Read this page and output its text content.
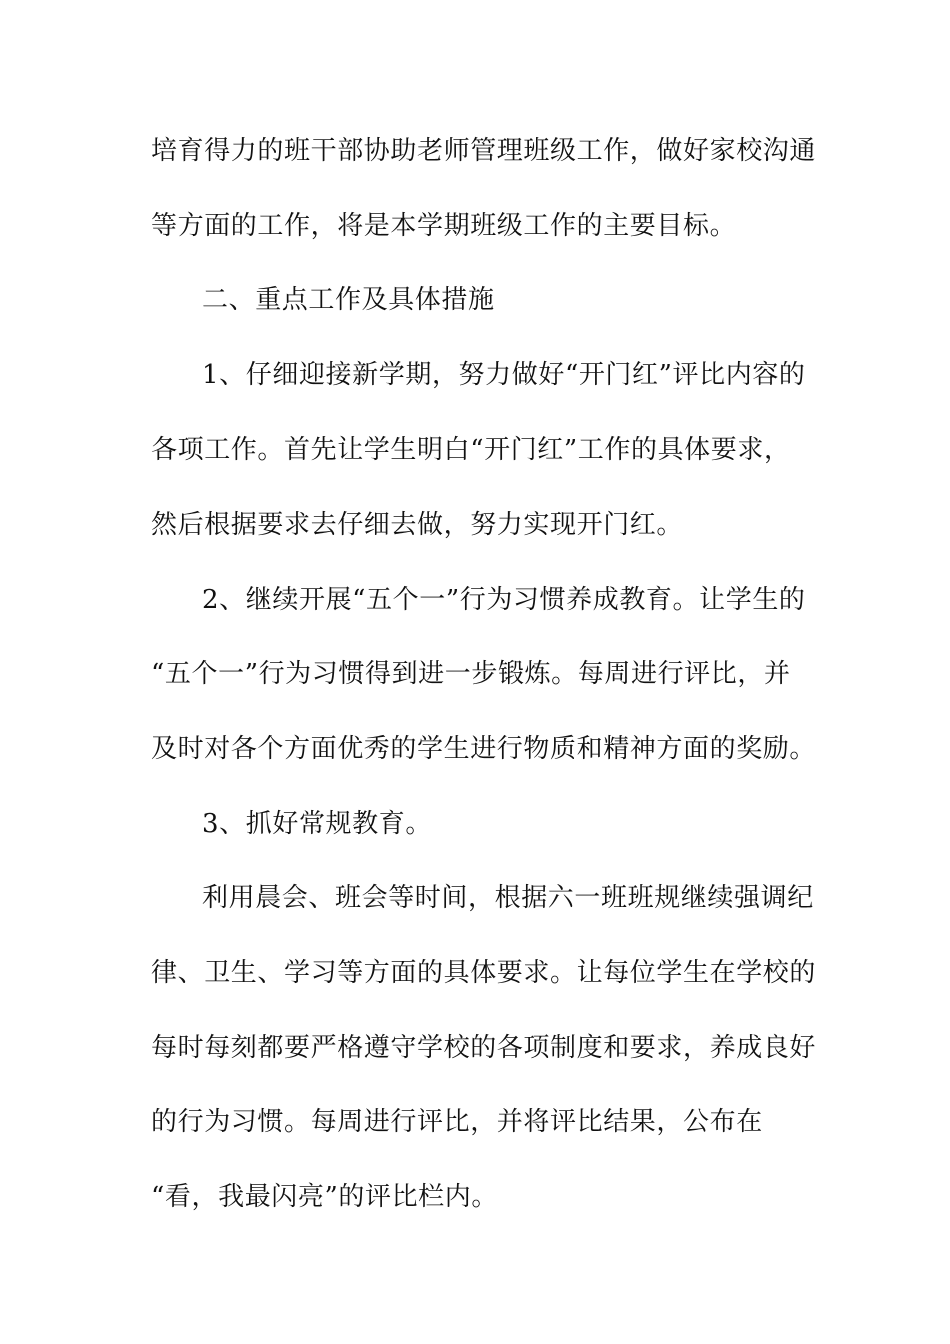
培育得力的班干部协助老师管理班级工作，做好家校沟通
等方面的工作，将是本学期班级工作的主要目标。
二、重点工作及具体措施
1、仔细迎接新学期，努力做好“开门红”评比内容的
各项工作。首先让学生明白“开门红”工作的具体要求，
然后根据要求去仔细去做，努力实现开门红。
2、继续开展“五个一”行为习惯养成教育。让学生的
“五个一”行为习惯得到进一步锻炼。每周进行评比，并
及时对各个方面优秀的学生进行物质和精神方面的奖励。
3、抓好常规教育。
利用晨会、班会等时间，根据六一班班规继续强调纪
律、卫生、学习等方面的具体要求。让每位学生在学校的
每时每刻都要严格遵守学校的各项制度和要求，养成良好
的行为习惯。每周进行评比，并将评比结果，公布在
“看，我最闪亮”的评比栏内。
